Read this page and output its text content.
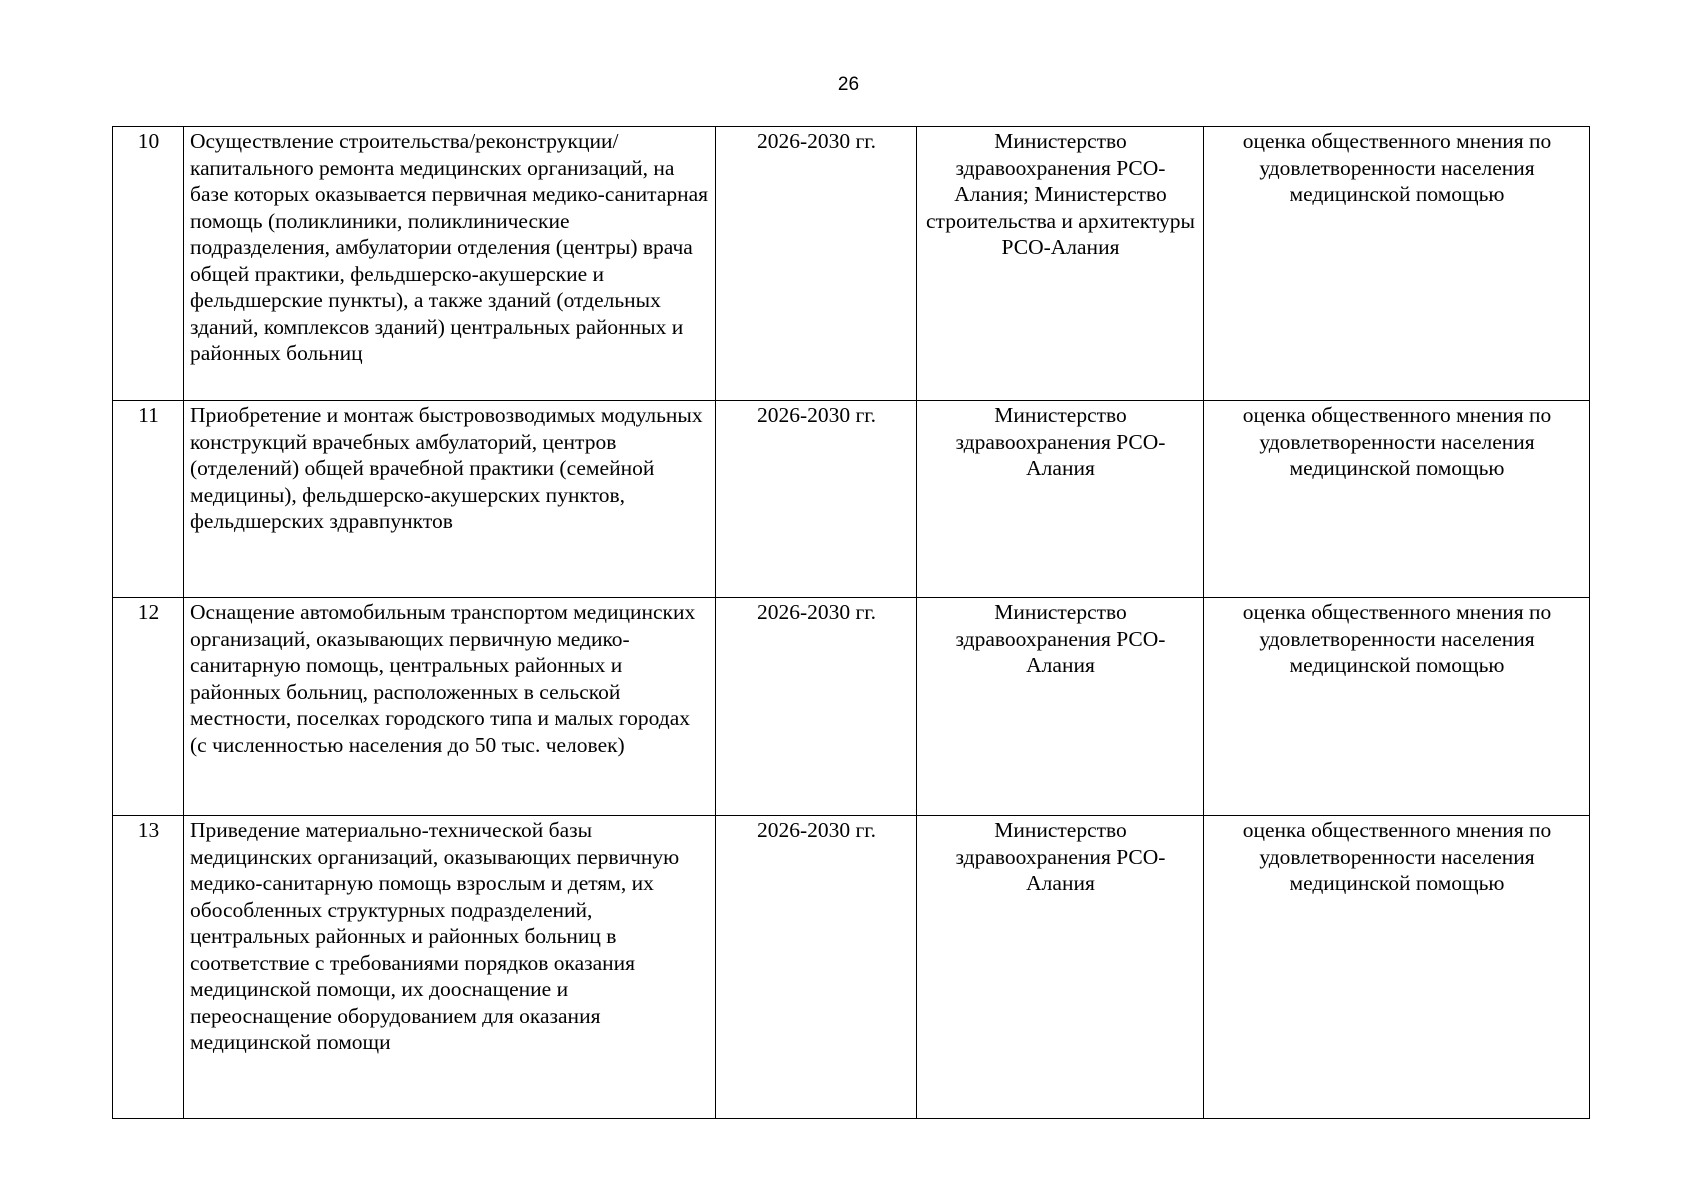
26
10	Осуществление строительства/реконструкции/ капитального ремонта медицинских организаций, на базе которых оказывается первичная медико-санитарная помощь (поликлиники, поликлинические подразделения, амбулатории отделения (центры) врача общей практики, фельдшерско-акушерские и фельдшерские пункты), а также зданий (отдельных зданий, комплексов зданий) центральных районных и районных больниц	2026-2030 гг.	Министерство здравоохранения РСО-Алания; Министерство строительства и архитектуры РСО-Алания	оценка общественного мнения по удовлетворенности населения медицинской помощью
11	Приобретение и монтаж быстровозводимых модульных конструкций врачебных амбулаторий, центров (отделений) общей врачебной практики (семейной медицины), фельдшерско-акушерских пунктов, фельдшерских здравпунктов	2026-2030 гг.	Министерство здравоохранения РСО-Алания	оценка общественного мнения по удовлетворенности населения медицинской помощью
12	Оснащение автомобильным транспортом медицинских организаций, оказывающих первичную медико-санитарную помощь, центральных районных и районных больниц, расположенных в сельской местности, поселках городского типа и малых городах (с численностью населения до 50 тыс. человек)	2026-2030 гг.	Министерство здравоохранения РСО-Алания	оценка общественного мнения по удовлетворенности населения медицинской помощью
13	Приведение материально-технической базы медицинских организаций, оказывающих первичную медико-санитарную помощь взрослым и детям, их обособленных структурных подразделений, центральных районных и районных больниц в соответствие с требованиями порядков оказания медицинской помощи, их дооснащение и переоснащение оборудованием для оказания медицинской помощи	2026-2030 гг.	Министерство здравоохранения РСО-Алания	оценка общественного мнения по удовлетворенности населения медицинской помощью
